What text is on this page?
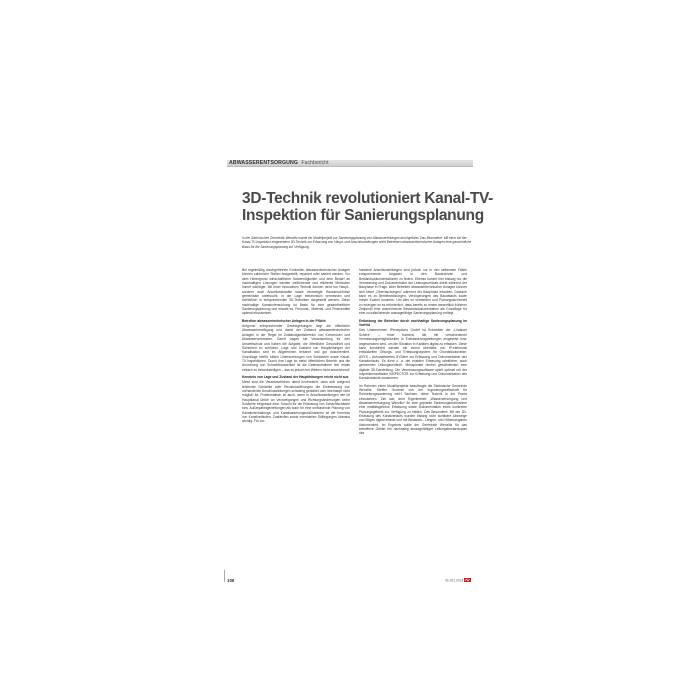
ABWASSERENTSORGUNG Fachbericht
3D-Technik revolutioniert Kanal-TV-
Inspektion für Sanierungsplanung

In der Sächsischen Gemeinde Wenzlitz wurde ein Modellprojekt zur Sanierungsplanung von Abwasserleitungen durchgeführt. Das Besondere: Mit einer bei der Kanal-TV-Inspektion eingesetzten 3D-Technik zur Erfassung von Haupt- und Anschlussleitungen steht Betreibern abwassertechnischer Anlagen eine ganzheitliche Basis für die Sanierungsplanung zur Verfügung.

Bei regelmäßig durchgeführten Kontrollen abwassertechnischer Anlagen können zahlreiche Stellen festgestellt, repariert oder saniert werden. Vor dem Hintergrund wirtschaftlicher Notwendigkeiten und dem Bedarf an nachhaltigen Lösungen werden zielführende und effiziente Methoden immer wichtiger. Mit einer innovativen Technik können nicht nur Haupt-, sondern auch Anschlusskanäle sowie verzweigte Hausanschlüsse gemeinsam untersucht, in der Lage elektronisch vermessen und schließlich in entsprechenden 3D-Techniken dargestellt werden. Diese nachhaltige Kanaluntersuchung ist Basis für eine gesamtheitliche Sanierungsplanung und erlaubt es, Personal-, Material- und Finanzmittel optimal einzusetzen.

Betreiber abwassertechnischer Anlagen in der Pflicht

Aufgrund entsprechender Gesetzgebungen liegt die öffentliche Abwasserbeseitigung und damit der Zustand abwassertechnischer Anlagen in der Regel im Zuständigkeitsbereich von Kommunen und Abwasserverbänden. Damit tragen sie Verantwortung für den Umweltschutz und haben die Aufgabe, die öffentliche Gesundheit und Sicherheit zu schützen. Lage und Zustand von Hauptleitungen der Kanalisation sind im Allgemeinen bekannt und gut dokumentiert. Grundlage hierfür bilden Untersuchungen von Schächten sowie Kanal-TV-Inspektionen. Durch ihre Lage im meist öffentlichen Bereich und die Anordnung von Schachtbauwerken ist die Datenaufnahme hier relativ einfach zu bewerkstelligen – das ist jedoch bei Weitem nicht ausreichend!

Kenntnis von Lage und Zustand der Hauptleitungen reicht nicht aus

Meist sind die Verantwortlichen damit konfrontiert, dass sich aufgrund fehlender Schächte oder Revisionsöffnungen die Erstmessung von vorhandenen Anschlussleitungen schwierig gestaltet oder überhaupt nicht möglich ist. Problematisch ist auch, wenn in Anschlussleitungen wie im Hauptkanal üblich an Verzweigungen und Richtungsänderungen keine Schächte eingebaut sind. Sowohl für die Erfassung von Schachtschäden bzw. Außergabeigenleitungen als auch für eine umfassende Planung von Kanalunterhaltungs- und Kanalsanierungsmaßnahmen ist die Kenntnis von Kanalverläufen, Zuständen sowie eventuellen Stilllegungen überaus wichtig. Für vor-

handene Anschlussleitungen sind jedoch nur in den seltensten Fällen entsprechende Angaben in den Bauarchiven und Bestandsdokumentationen zu finden. Ebenso kommt hier bislang nur die Vermessung und Dokumentation der Leitungsverläufe direkt während der Bauphase in Frage. Aber Betreiber abwassertechnischer Anlagen können sich keine „Überraschungen“ während der Bauphase erlauben. Dadurch kann es zu Betriebsstörungen, Verzögerungen des Bauablaufs sowie hohen Kosten kommen. Um dies zu vermeiden und Planungssicherheit zu erlangen ist es erforderlich, dass bereits zu einem wesentlich früheren Zeitpunkt eine ausreichende Bestandsdokumentation als Grundlage für eine zu kalkulierende aussagefähige Sanierungsplanung vorliegt.

Entlastung der Betreiber durch nachhaltige Sanierungsplanung im Vorfeld

Das Unternehmen iPerceptions GmbH ist Entwickler der „Lindauer Schere“ – einer Kamera, die mit verschiedenen Vermessungsmöglichkeiten in Entwässerungsleitungen eingesetzt bzw. angeschoben wird, um die Situation in Kanälen digital zu erfassen. Diese kann kombiniert werden mit einem ebenfalls von iP-elektronik entwickelten Ortungs- und Erfassungssystem für Grundstücksnetze. ASYS – Automatisiertes SYStem zur Erfassung und Dokumentation des Kanalverlaufs. Es dient u. a. der exakten Erfassung sämtlicher, auch genommen Leitungsverläufe. Messpunkte hierbei gewährleisten eine digitale 3D-Darstellung. Die Vermessungssoftware spielt optimal mit der Inspektionssoftware iNSPECTOR zur Erfassung und Dokumentation des Kanalzustands zusammen.

Im Rahmen eines Modellprojekts beauftragte die Sächsische Gemeinde Wenzlitz, Steffen Hommel von der Ingenieurgesellschaft für Rohrleitungssanierung mbH Sachsen, diese Technik in der Praxis einzusetzen. Ziel war, dem Eigenbetrieb „Wasserversorgung und Abwasserentsorgung Wenzlitz“ für eine geplante Sanierungsmaßnahme eine realitätsgetreue Erfassung sowie Dokumentation eines konkreten Planungsgebiets zur Verfügung zu stellen. Das Besondere: Mit der 3D-Erfassung des Kanalverlaufs wurden bislang nicht sichtbare Abzweige und Bögen digital erfasst und mit Bestands-, Längen- und Höhenangaben dokumentiert. Im Ergebnis sollte der Gemeinde Wenzlitz für das betroffene Gebiet ein nachhaltig aussagefähiger Leitungsbestandsplan des

106	01-02 | 2013
